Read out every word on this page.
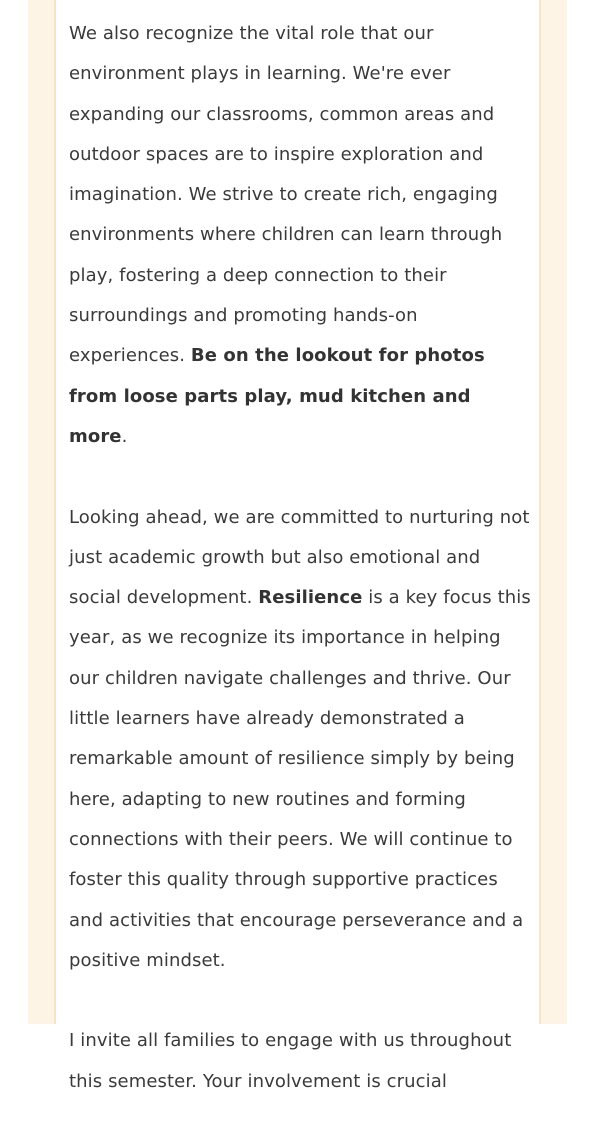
We also recognize the vital role that our environment plays in learning. We're ever expanding our classrooms, common areas and outdoor spaces are to inspire exploration and imagination. We strive to create rich, engaging environments where children can learn through play, fostering a deep connection to their surroundings and promoting hands-on experiences. Be on the lookout for photos from loose parts play, mud kitchen and more.

Looking ahead, we are committed to nurturing not just academic growth but also emotional and social development. Resilience is a key focus this year, as we recognize its importance in helping our children navigate challenges and thrive. Our little learners have already demonstrated a remarkable amount of resilience simply by being here, adapting to new routines and forming connections with their peers. We will continue to foster this quality through supportive practices and activities that encourage perseverance and a positive mindset.

I invite all families to engage with us throughout this semester. Your involvement is crucial
